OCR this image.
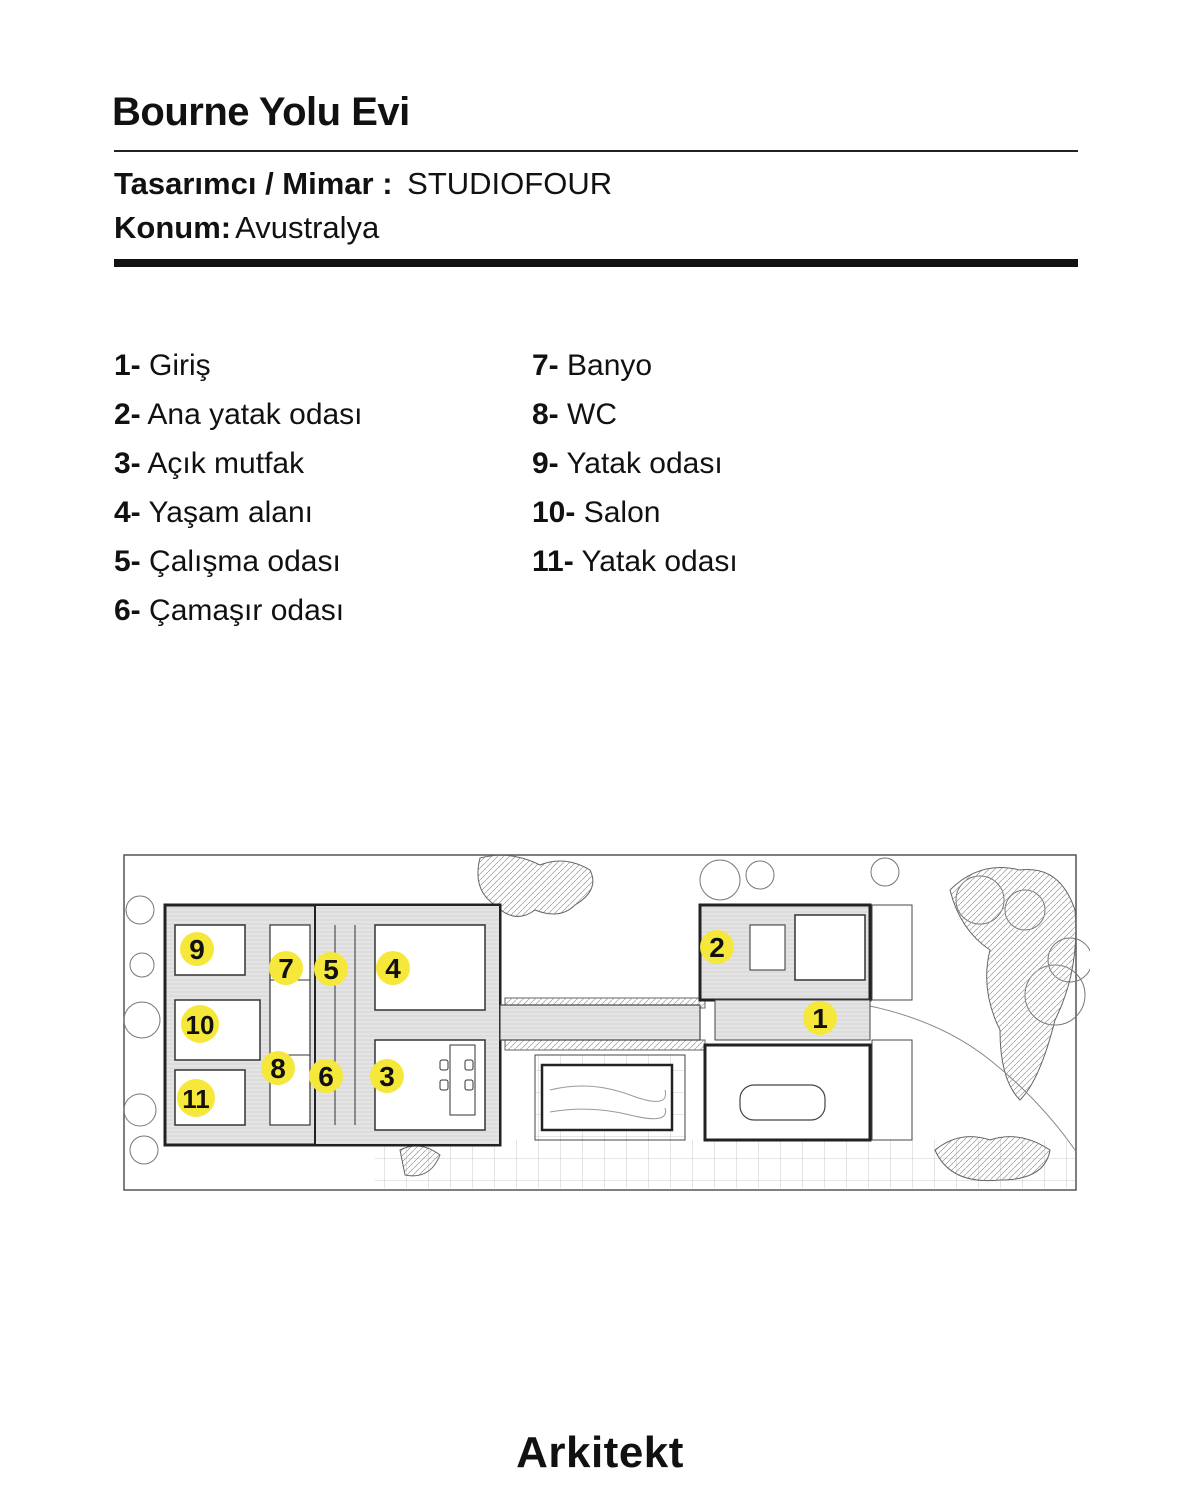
Bourne Yolu Evi
Tasarımcı / Mimar : STUDIOFOUR
Konum: Avustralya
1- Giriş
2- Ana yatak odası
3- Açık mutfak
4- Yaşam alanı
5- Çalışma odası
6- Çamaşır odası
7- Banyo
8- WC
9- Yatak odası
10- Salon
11- Yatak odası
1
2
3
4
5
6
7
8
9
10
11
Arkitekt
